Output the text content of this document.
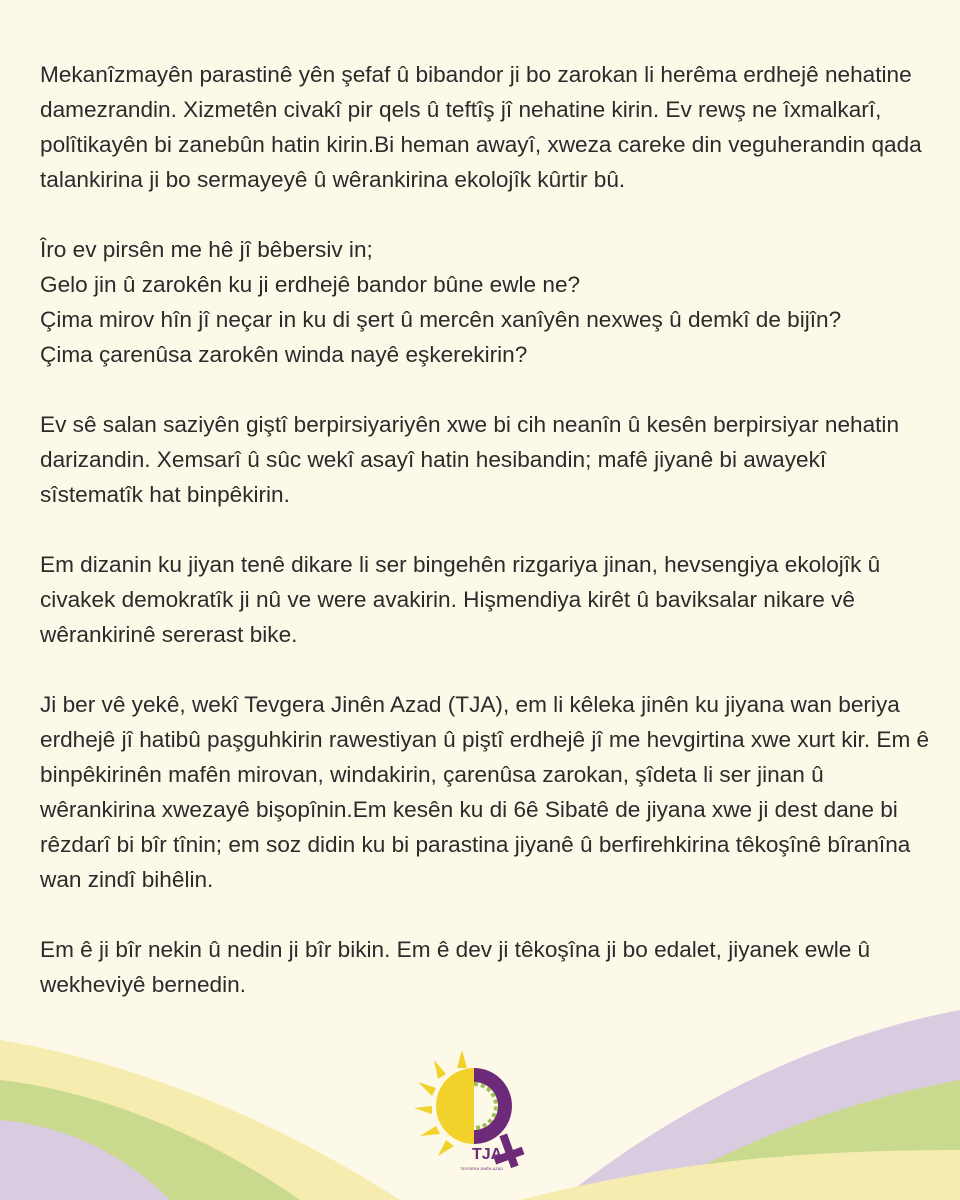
Mekanîzmayên parastinê yên şefaf û bibandor ji bo zarokan li herêma erdhejê nehatine damezrandin. Xizmetên civakî pir qels û teftîş jî nehatine kirin. Ev rewş ne îxmalkarî, polîtikayên bi zanebûn hatin kirin.Bi heman awayî, xweza careke din veguherandin qada talankirina ji bo sermayeyê û wêrankirina ekolojîk kûrtir bû.

Îro ev pirsên me hê jî bêbersiv in;
Gelo jin û zarokên ku ji erdhejê bandor bûne ewle ne?
Çima mirov hîn jî neçar in ku di şert û mercên xanîyên nexweş û demkî de bijîn?
Çima çarenûsa zarokên winda nayê eşkerekirin?

Ev sê salan saziyên giştî berpirsiyariyên xwe bi cih neanîn û kesên berpirsiyar nehatin darizandin. Xemsarî û sûc wekî asayî hatin hesibandin; mafê jiyanê bi awayekî sîstematîk hat binpêkirin.

Em dizanin ku jiyan tenê dikare li ser bingehên rizgariya jinan, hevsengiya ekolojîk û civakek demokratîk ji nû ve were avakirin. Hişmendiya kirêt û baviksalar nikare vê wêrankirinê sererast bike.

Ji ber vê yekê, wekî Tevgera Jinên Azad (TJA), em li kêleka jinên ku jiyana wan beriya erdhejê jî hatibû paşguhkirin rawestiyan û piştî erdhejê jî me hevgirtina xwe xurt kir. Em ê binpêkirinên mafên mirovan, windakirin, çarenûsa zarokan, şîdeta li ser jinan û wêrankirina xwezayê bişopînin.Em kesên ku di 6ê Sibatê de jiyana xwe ji dest dane bi rêzdarî bi bîr tînin; em soz didin ku bi parastina jiyanê û berfirehkirina têkoşînê bîranîna wan zindî bihêlin.

Em ê ji bîr nekin û nedin ji bîr bikin. Em ê dev ji têkoşîna ji bo edalet, jiyanek ewle û wekheviyê bernedin.

TJA
TEVGERA JINÊN AZAD
